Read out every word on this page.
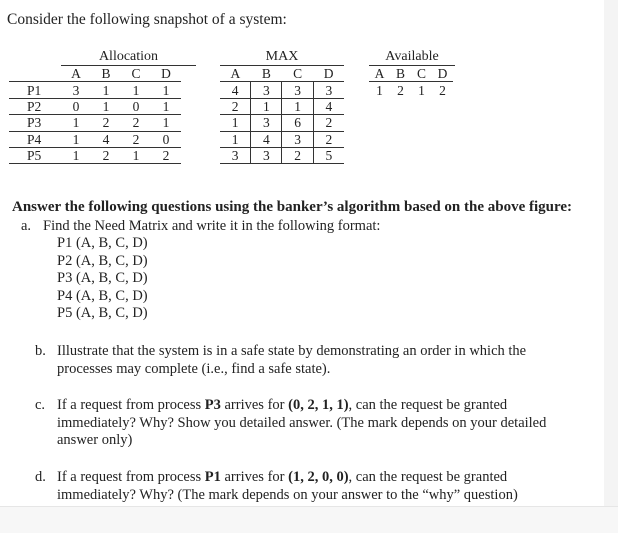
Consider the following snapshot of a system:
Allocation
	A	B	C	D
P1	3	1	1	1
P2	0	1	0	1
P3	1	2	2	1
P4	1	4	2	0
P5	1	2	1	2
MAX
A	B	C	D
4	3	3	3
2	1	1	4
1	3	6	2
1	4	3	2
3	3	2	5
Available
A	B	C	D
1	2	1	2
Answer the following questions using the banker’s algorithm based on the above figure:
a. Find the Need Matrix and write it in the following format:
P1 (A, B, C, D)
P2 (A, B, C, D)
P3 (A, B, C, D)
P4 (A, B, C, D)
P5 (A, B, C, D)
b. Illustrate that the system is in a safe state by demonstrating an order in which the
processes may complete (i.e., find a safe state).
c. If a request from process P3 arrives for (0, 2, 1, 1), can the request be granted
immediately? Why? Show you detailed answer. (The mark depends on your detailed
answer only)
d. If a request from process P1 arrives for (1, 2, 0, 0), can the request be granted
immediately? Why? (The mark depends on your answer to the “why” question)
